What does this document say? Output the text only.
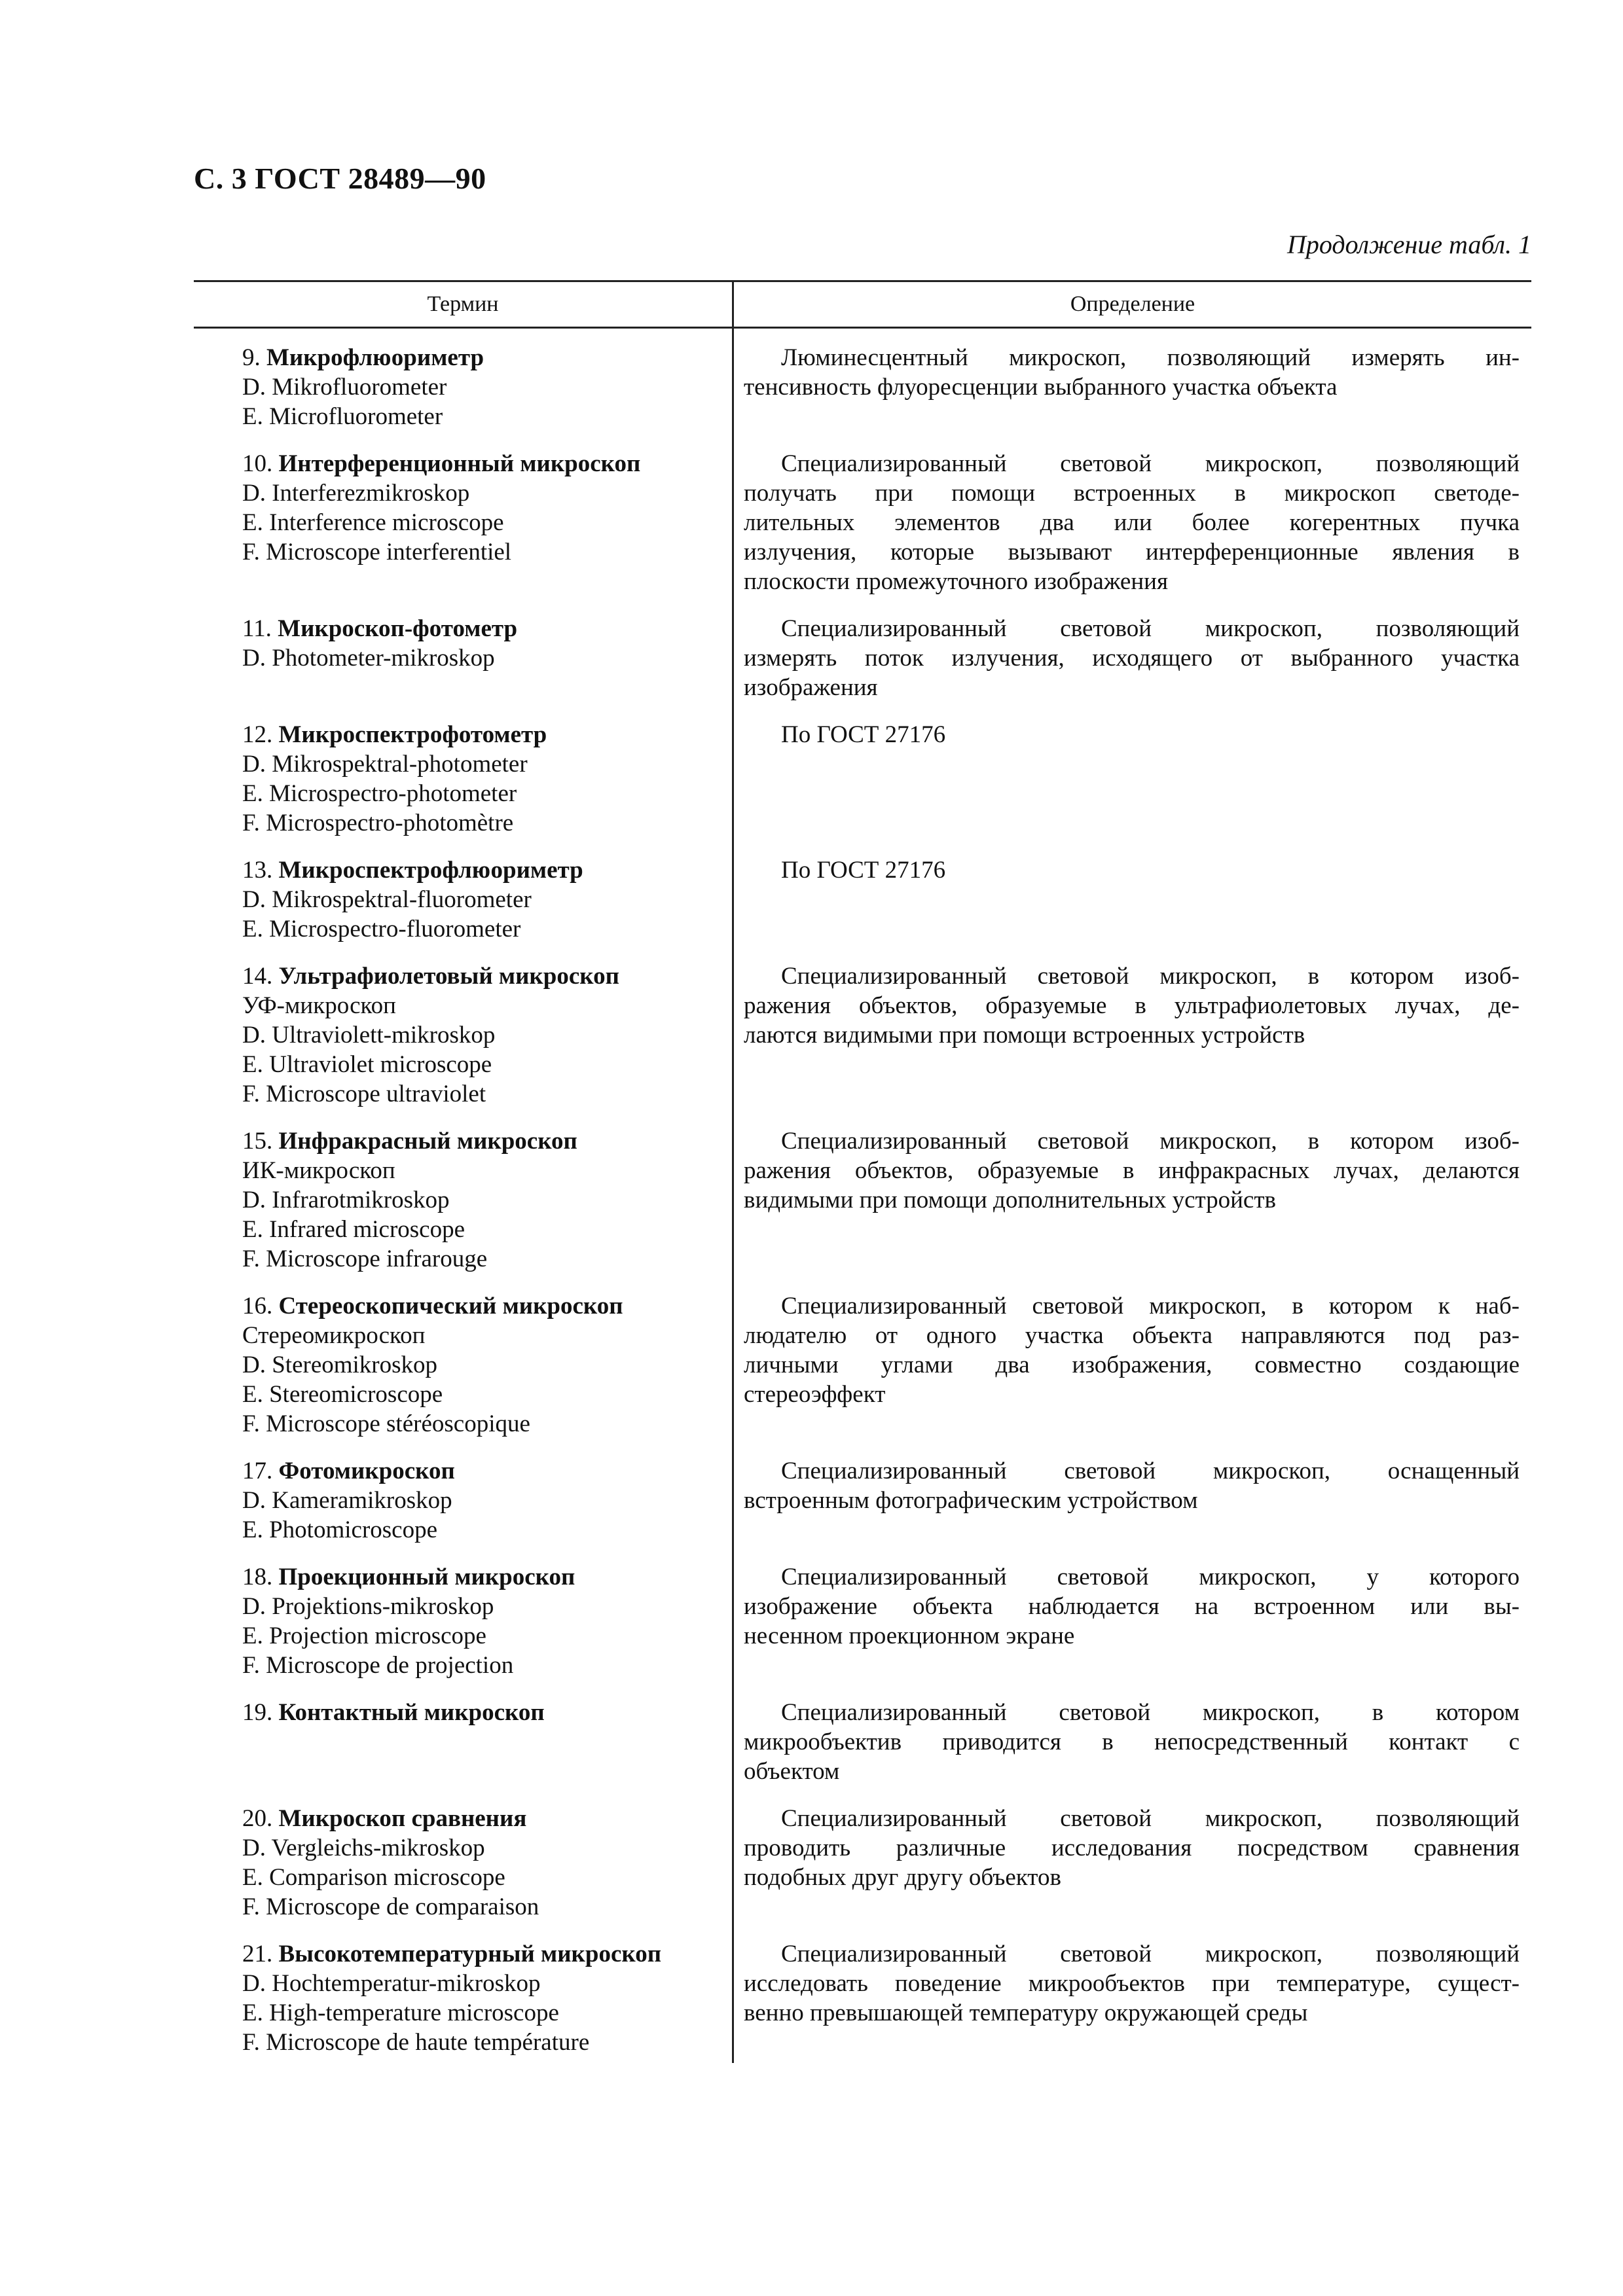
С. 3 ГОСТ 28489—90
Продолжение табл. 1
Термин	Определение
9. Микрофлюориметр
D. Mikrofluorometer
E. Microfluorometer
Люминесцентный микроскоп, позволяющий измерять ин-
тенсивность флуоресценции выбранного участка объекта
10. Интерференционный микроскоп
D. Interferezmikroskop
E. Interference microscope
F. Microscope interferentiel
Специализированный световой микроскоп, позволяющий
получать при помощи встроенных в микроскоп светоде-
лительных элементов два или более когерентных пучка
излучения, которые вызывают интерференционные явления в
плоскости промежуточного изображения
11. Микроскоп-фотометр
D. Photometer-mikroskop
Специализированный световой микроскоп, позволяющий
измерять поток излучения, исходящего от выбранного участка
изображения
12. Микроспектрофотометр
D. Mikrospektral-photometer
E. Microspectro-photometer
F. Microspectro-photomètre
По ГОСТ 27176
13. Микроспектрофлюориметр
D. Mikrospektral-fluorometer
E. Microspectro-fluorometer
По ГОСТ 27176
14. Ультрафиолетовый микроскоп
УФ-микроскоп
D. Ultraviolett-mikroskop
E. Ultraviolet microscope
F. Microscope ultraviolet
Специализированный световой микроскоп, в котором изоб-
ражения объектов, образуемые в ультрафиолетовых лучах, де-
лаются видимыми при помощи встроенных устройств
15. Инфракрасный микроскоп
ИК-микроскоп
D. Infrarotmikroskop
E. Infrared microscope
F. Microscope infrarouge
Специализированный световой микроскоп, в котором изоб-
ражения объектов, образуемые в инфракрасных лучах, делаются
видимыми при помощи дополнительных устройств
16. Стереоскопический микроскоп
Стереомикроскоп
D. Stereomikroskop
E. Stereomicroscope
F. Microscope stéréoscopique
Специализированный световой микроскоп, в котором к наб-
людателю от одного участка объекта направляются под раз-
личными углами два изображения, совместно создающие
стереоэффект
17. Фотомикроскоп
D. Kameramikroskop
E. Photomicroscope
Специализированный световой микроскоп, оснащенный
встроенным фотографическим устройством
18. Проекционный микроскоп
D. Projektions-mikroskop
E. Projection microscope
F. Microscope de projection
Специализированный световой микроскоп, у которого
изображение объекта наблюдается на встроенном или вы-
несенном проекционном экране
19. Контактный микроскоп	Специализированный световой микроскоп, в котором
микрообъектив приводится в непосредственный контакт с
объектом
20. Микроскоп сравнения
D. Vergleichs-mikroskop
E. Comparison microscope
F. Microscope de comparaison
Специализированный световой микроскоп, позволяющий
проводить различные исследования посредством сравнения
подобных друг другу объектов
21. Высокотемпературный микроскоп
D. Hochtemperatur-mikroskop
E. High-temperature microscope
F. Microscope de haute température
Специализированный световой микроскоп, позволяющий
исследовать поведение микрообъектов при температуре, сущест-
венно превышающей температуру окружающей среды
